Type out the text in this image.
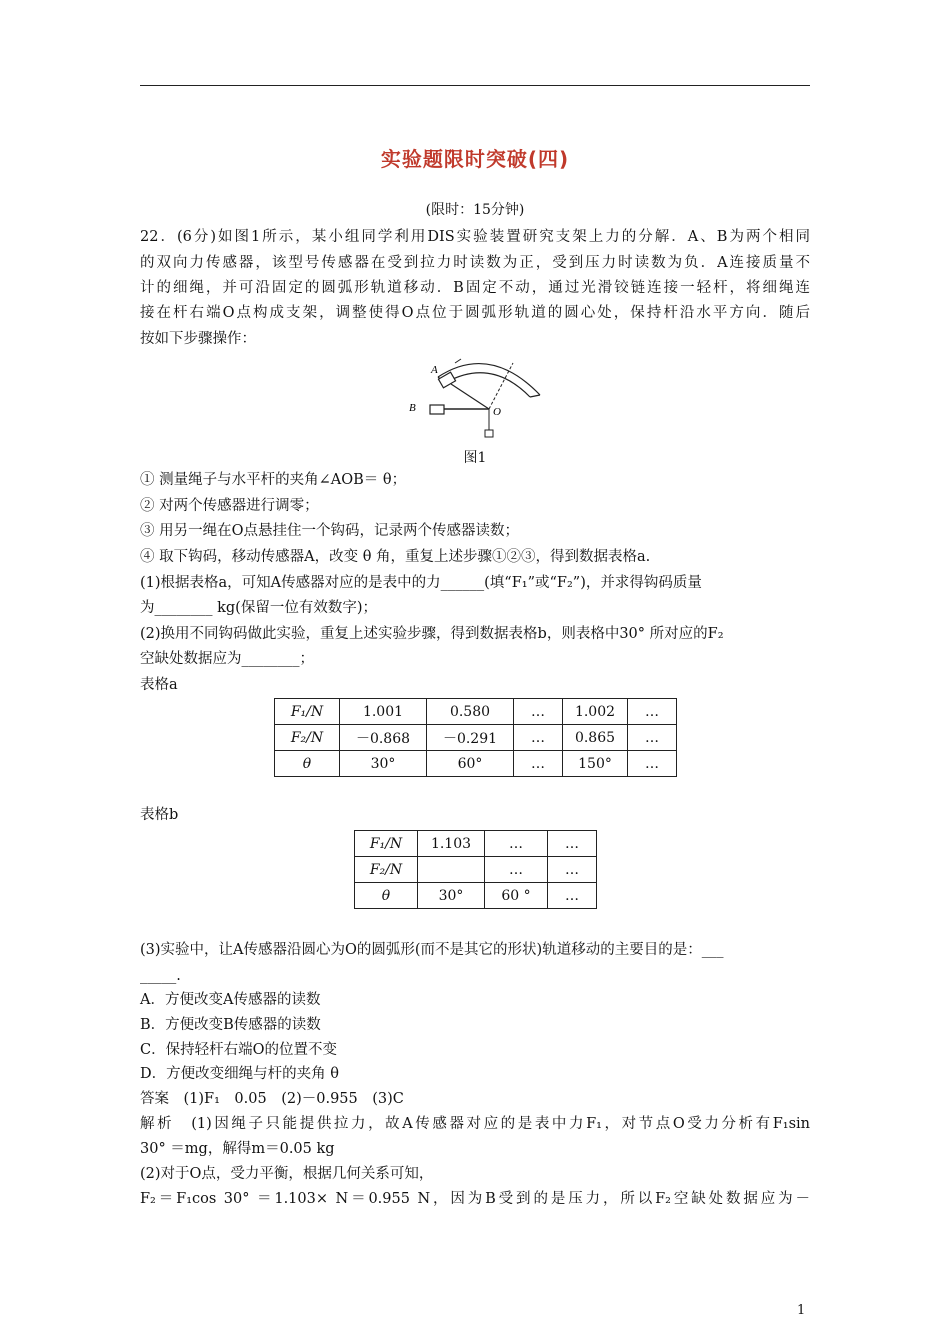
实验题限时突破(四)
(限时：15分钟)
22．(6分)如图1所示，某小组同学利用DIS实验装置研究支架上力的分解．A、B为两个相同
的双向力传感器，该型号传感器在受到拉力时读数为正，受到压力时读数为负．A连接质量不
计的细绳，并可沿固定的圆弧形轨道移动．B固定不动，通过光滑铰链连接一轻杆，将细绳连
接在杆右端O点构成支架，调整使得O点位于圆弧形轨道的圆心处，保持杆沿水平方向．随后
按如下步骤操作：
A
B	O
图1
① 测量绳子与水平杆的夹角∠AOB＝ θ；
② 对两个传感器进行调零；
③ 用另一绳在O点悬挂住一个钩码，记录两个传感器读数；
④ 取下钩码，移动传感器A，改变 θ 角，重复上述步骤①②③，得到数据表格a.
(1)根据表格a，可知A传感器对应的是表中的力______(填“F₁”或“F₂”)，并求得钩码质量
为________ kg(保留一位有效数字)；
(2)换用不同钩码做此实验，重复上述实验步骤，得到数据表格b，则表格中30° 所对应的F₂
空缺处数据应为________；
表格a
F₁/N	1.001	0.580	…	1.002	…
F₂/N	－0.868	－0.291	…	0.865	…
θ	30°	60°	…	150°	…
表格b
F₁/N	1.103	…	…
F₂/N		…	…
θ	30°	60 °	…
(3)实验中，让A传感器沿圆心为O的圆弧形(而不是其它的形状)轨道移动的主要目的是：___
_____.
A．方便改变A传感器的读数
B．方便改变B传感器的读数
C．保持轻杆右端O的位置不变
D．方便改变细绳与杆的夹角 θ
答案　(1)F₁　0.05　(2)－0.955　(3)C
解析　(1)因绳子只能提供拉力，故A传感器对应的是表中力F₁，对节点O受力分析有F₁sin
30° ＝mg，解得m＝0.05 kg
(2)对于O点，受力平衡，根据几何关系可知，
F₂＝F₁cos 30° ＝1.103× N＝0.955 N，因为B受到的是压力，所以F₂空缺处数据应为－
1
